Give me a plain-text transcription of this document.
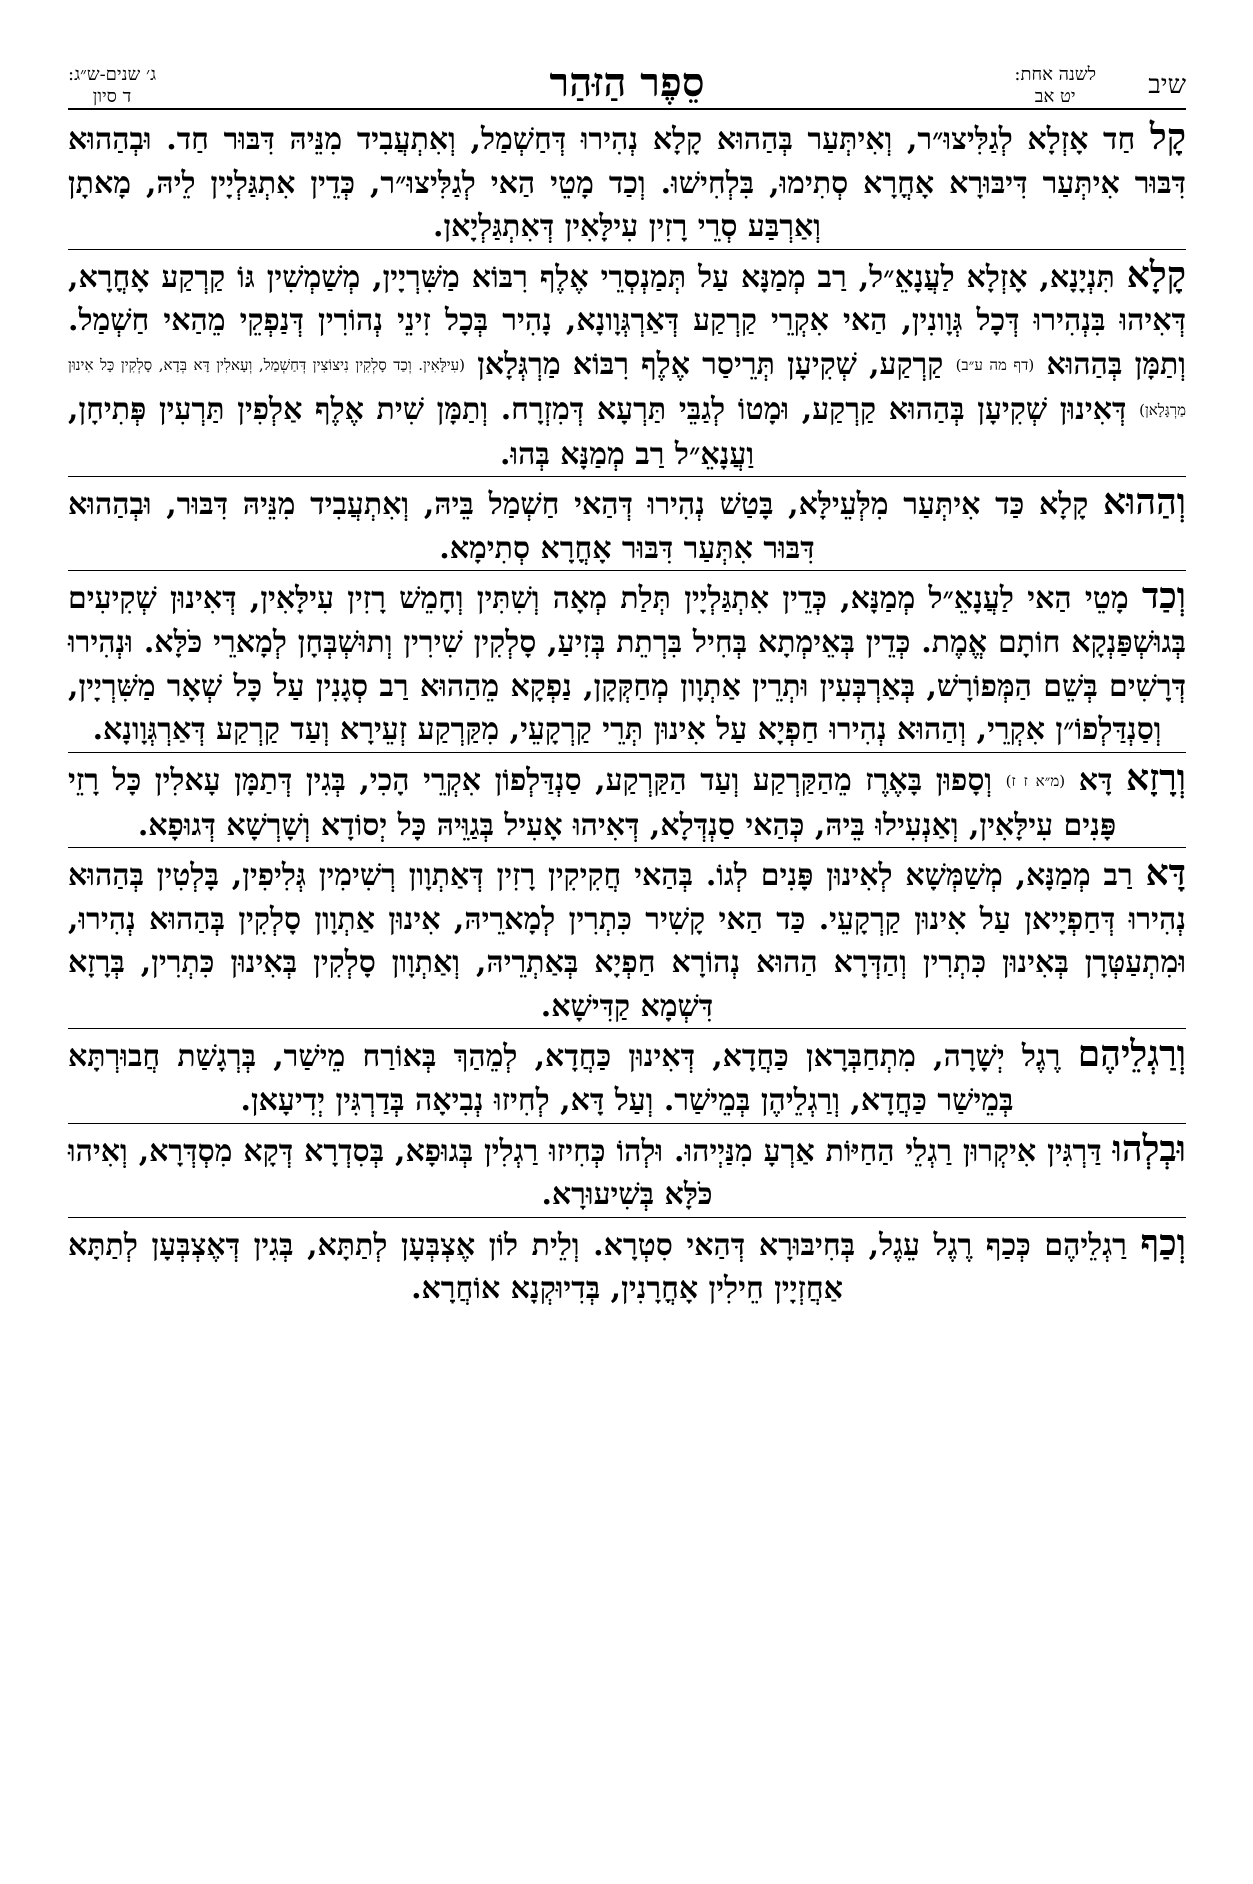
שיב
לשנה אחת:
יט אב
סֵפֶר הַזּהַר
ג׳ שנים-ש״ג:
ד סיון

קָל חַד אָזְלָא לְגַלִּיצוּ״ר, וְאִיתְּעַר בְּהַהוּא קָלָא נְהִירוּ דְּחַשְׁמַל, וְאִתְעֲבִיד מִנֵּיהּ דִּבּוּר חַד. וּבְהַהוּא דִּבּוּר אִיתְּעַר דִּיבּוּרָא אָחֳרָא סְתִימוּ, בִּלְחִישׁוּ. וְכַד מָטֵי הַאי לְגַלִּיצוּ״ר, כְּדֵין אִתְגַּלְיָין לֵיהּ, מָאתָן וְאַרְבַּע סְרֵי רָזִין עִילָּאִין דְּאִתְגַּלְיָאן.

קָלָא תִּנְיָנָא, אָזְלָא לַעֲנָאֵ״ל, רַב מְמַנָּא עַל תְּמַנְסְרֵי אֶלֶף רִבּוֹא מַשִּׁרְיָין, מְשַׁמְשִׁין גּוֹ קַרְקַע אָחֳרָא, דְּאִיהוּ בִּנְהִירוּ דְּכָל גְּוָונִין, הַאי אִקְרֵי קַרְקַע דְּאַרְגְּוָונָא, נָהִיר בְּכָל זִינֵי נְהוֹרִין דְּנַפְקֵי מֵהַאי חַשְׁמַל. וְתַמָּן בְּהַהוּא (דף מה ע״ב) קַרְקַע, שְׁקִיעָן תְּרֵיסַר אֶלֶף רִבּוֹא מַרְגְּלָאן (עִילָּאִין. וְכַד סָלְקִין נִיצוֹצִין דְּחַשְׁמַל, וְעָאלִין דָּא בְּדָא, סָלְקִין כָּל אִינוּן מַרְגָּלָאן) דְּאִינוּן שְׁקִיעָן בְּהַהוּא קַרְקַע, וּמָטוֹ לְגַבֵּי תַּרְעָא דְּמִזְרָח. וְתַמָּן שִׁית אֶלֶף אַלְפִין תַּרְעִין פְּתִיחָן, וַעֲנָאֵ״ל רַב מְמַנָּא בְּהוּ.

וְהַהוּא קָלָא כַּד אִיתְּעַר מִלְּעֵילָּא, בָּטַשׁ נְהִירוּ דְּהַאי חַשְׁמַל בֵּיהּ, וְאִתְעֲבִיד מִנֵּיהּ דִּבּוּר, וּבְהַהוּא דִּבּוּר אִתְּעַר דִּבּוּר אָחֳרָא סְתִימָא.

וְכַד מָטֵי הַאי לַעֲנָאֵ״ל מְמַנָּא, כְּדֵין אִתְגַּלְיָין תְּלַת מְאָה וְשִׁתִּין וְחָמֵשׁ רָזִין עִילָּאִין, דְּאִינוּן שְׁקִיעִים בְּגוּשְׁפַּנְקָא חוֹתָם אֱמֶת. כְּדֵין בְּאֵימְתָא בְּחִיל בִּרְתֵת בְּזִיעַ, סָלְקִין שִׁירִין וְתוּשְׁבְּחָן לְמָארֵי כֹּלָּא. וּנְהִירוּ דְּרָשִׁים בְּשֵׁם הַמְּפוֹרָשׁ, בְּאַרְבְּעִין וּתְרֵין אַתְוָון מְחַקְּקָן, נַפְקָא מֵהַהוּא רַב סְגָנִין עַל כָּל שְׁאָר מַשִּׁרְיָין, וְסַנְדַּלְפוֹ״ן אִקְרֵי, וְהַהוּא נְהִירוּ חַפְיָא עַל אִינוּן תְּרֵי קַרְקָעֵי, מִקַּרְקַע זְעֵירָא וְעַד קַרְקַע דְּאַרְגְּוָונָא.

וְרָזָא דָּא (מ״א ז ז) וְסָפוּן בָּאֶרֶז מֵהַקַּרְקַע וְעַד הַקַּרְקַע, סַנְדַּלְפוֹן אִקְרֵי הָכִי, בְּגִין דְּתַמָּן עָאלִין כָּל רָזֵי פָּנִים עִילָּאִין, וְאַנְעִילוּ בֵּיהּ, כְּהַאי סַנְדְּלָא, דְּאִיהוּ אָעִיל בְּגַוֵּיהּ כָּל יְסוֹדָא וְשָׁרְשָׁא דְּגוּפָא.

דָּא רַב מְמַנָּא, מְשַׁמְּשָׁא לְאִינוּן פָּנִים לְגוֹ. בְּהַאי חֲקִיקִין רָזִין דְּאַתְוָון רְשִׁימִין גְּלִיפִין, בָּלְטִין בְּהַהוּא נְהִירוּ דְּחַפְיָיאן עַל אִינוּן קַרְקָעֵי. כַּד הַאי קָשִׁיר כִּתְרִין לְמָארֵיהּ, אִינוּן אַתְוָון סָלְקִין בְּהַהוּא נְהִירוּ, וּמִתְעַטְּרָן בְּאִינוּן כִּתְרִין וְהַדְּרָא הַהוּא נְהוֹרָא חַפְיָא בְּאַתְרֵיהּ, וְאַתְוָון סָלְקִין בְּאִינוּן כִּתְרִין, בְּרָזָא דִּשְׁמָא קַדִּישָׁא.

וְרַגְלֵיהֶם רֶגֶל יְשָׁרָה, מִתְחַבְּרָאן כַּחֲדָא, דְּאִינוּן כַּחֲדָא, לְמֵהַךְ בְּאוֹרַח מֵישַׁר, בְּרְגָשַׁת חֲבוּרְתָּא בְּמֵישַׁר כַּחֲדָא, וְרַגְלֵיהֶן בְּמֵישַׁר. וְעַל דָּא, לְחִיזוּ נְבִיאָה בְּדַרְגִּין יְדִיעָאן.

וּבְלְהוּ דַּרְגִּין אִיקְרוּן רַגְלֵי הַחַיּוֹת אַרְעָ מִנַּיְיהוּ. וּלְהוֹ כְּחִיזוּ רַגְלִין בְּגוּפָא, בְּסִדְרָא דְּקָא מִסְדְּרָא, וְאִיהוּ כֹּלָּא בְּשִׁיעוּרָא.

וְכַף רַגְלֵיהֶם כְּכַף רֶגֶל עֵגֶל, בְּחִיבּוּרָא דְּהַאי סִטְרָא. וְלֵית לוֹן אֶצְבְּעָן לְתַתָּא, בְּגִין דְּאֶצְבְּעָן לְתַתָּא אַחֲזְיָין חֵילִין אָחֳרָנִין, בְּדִיוּקְנָא אוֹחֲרָא.
